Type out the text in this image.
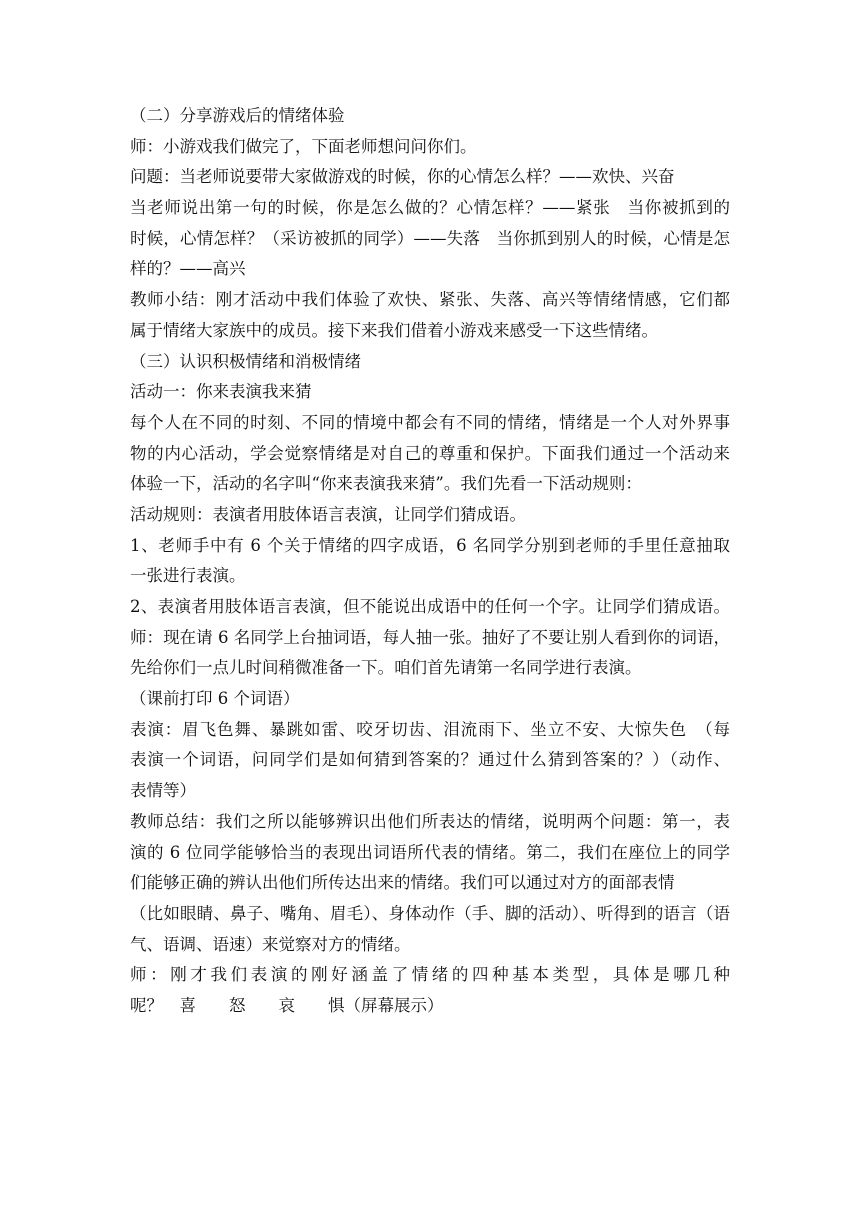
（二）分享游戏后的情绪体验
师：小游戏我们做完了，下面老师想问问你们。
问题：当老师说要带大家做游戏的时候，你的心情怎么样？——欢快、兴奋
当老师说出第一句的时候，你是怎么做的？心情怎样？——紧张　当你被抓到的
时候，心情怎样？（采访被抓的同学）——失落　当你抓到别人的时候，心情是怎
样的？——高兴
教师小结：刚才活动中我们体验了欢快、紧张、失落、高兴等情绪情感，它们都
属于情绪大家族中的成员。接下来我们借着小游戏来感受一下这些情绪。
（三）认识积极情绪和消极情绪
活动一：你来表演我来猜
每个人在不同的时刻、不同的情境中都会有不同的情绪，情绪是一个人对外界事
物的内心活动，学会觉察情绪是对自己的尊重和保护。下面我们通过一个活动来
体验一下，活动的名字叫“你来表演我来猜”。我们先看一下活动规则：
活动规则：表演者用肢体语言表演，让同学们猜成语。
1、老师手中有 6 个关于情绪的四字成语，6 名同学分别到老师的手里任意抽取
一张进行表演。
2、表演者用肢体语言表演，但不能说出成语中的任何一个字。让同学们猜成语。
师：现在请 6 名同学上台抽词语，每人抽一张。抽好了不要让别人看到你的词语，
先给你们一点儿时间稍微准备一下。咱们首先请第一名同学进行表演。
（课前打印 6 个词语）
表演：眉飞色舞、暴跳如雷、咬牙切齿、泪流雨下、坐立不安、大惊失色　（每
表演一个词语，问同学们是如何猜到答案的？通过什么猜到答案的？）（动作、
表情等）
教师总结：我们之所以能够辨识出他们所表达的情绪，说明两个问题：第一，表
演的 6 位同学能够恰当的表现出词语所代表的情绪。第二，我们在座位上的同学
们能够正确的辨认出他们所传达出来的情绪。我们可以通过对方的面部表情
（比如眼睛、鼻子、嘴角、眉毛）、身体动作（手、脚的活动）、听得到的语言（语
气、语调、语速）来觉察对方的情绪。
师：刚才我们表演的刚好涵盖了情绪的四种基本类型，具体是哪几种
呢？　喜　　怒　　哀　　惧（屏幕展示）
